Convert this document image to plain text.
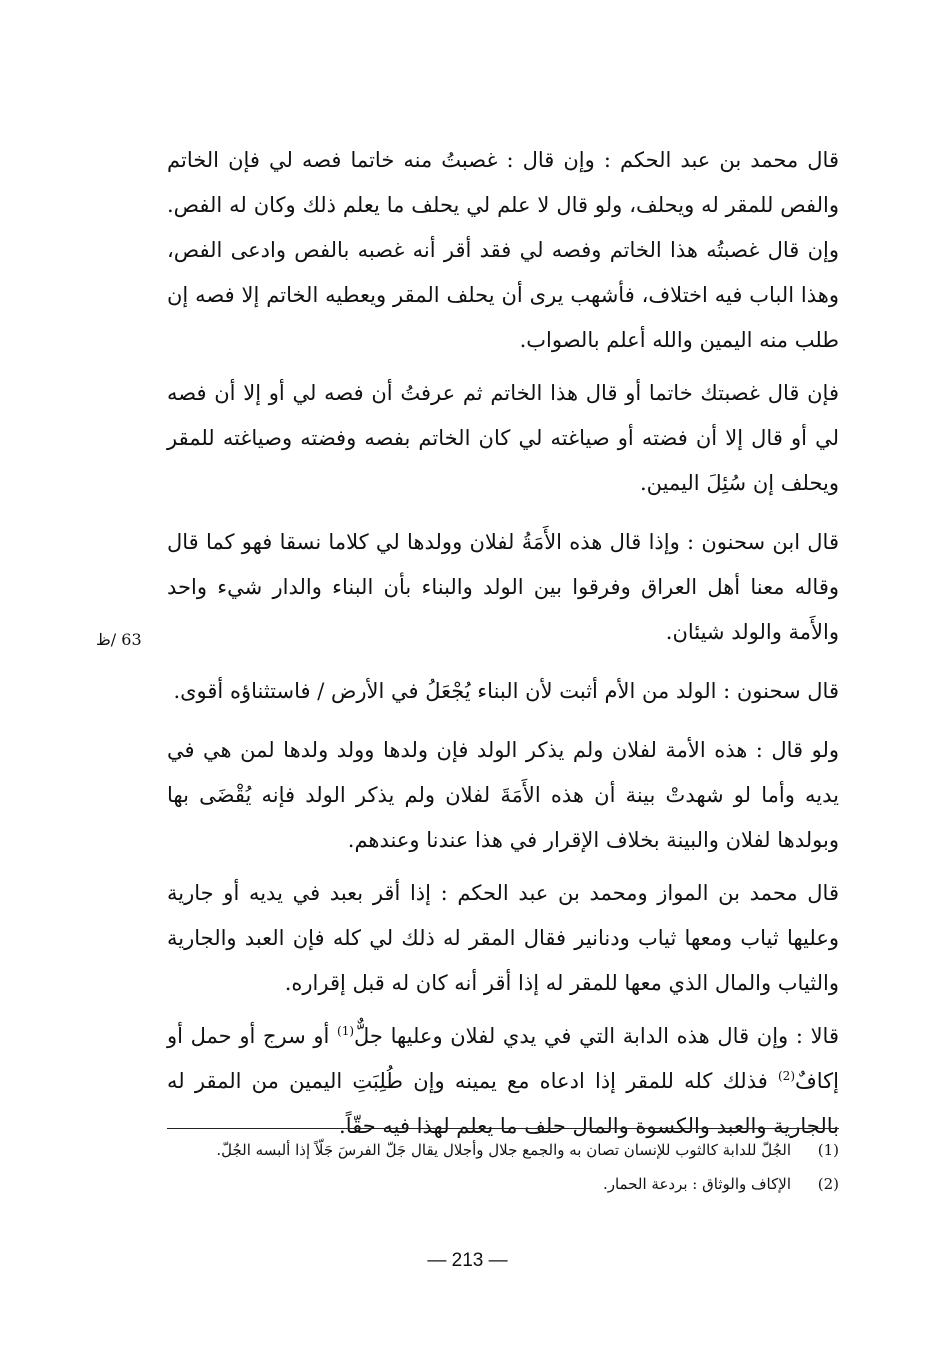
قال محمد بن عبد الحكم : وإن قال : غصبتُ منه خاتما فصه لي فإن الخاتم والفص للمقر له ويحلف، ولو قال لا علم لي يحلف ما يعلم ذلك وكان له الفص. وإن قال غصبتُه هذا الخاتم وفصه لي فقد أقر أنه غصبه بالفص وادعى الفص، وهذا الباب فيه اختلاف، فأشهب يرى أن يحلف المقر ويعطيه الخاتم إلا فصه إن طلب منه اليمين والله أعلم بالصواب.

فإن قال غصبتك خاتما أو قال هذا الخاتم ثم عرفتُ أن فصه لي أو إلا أن فصه لي أو قال إلا أن فضته أو صياغته لي كان الخاتم بفصه وفضته وصياغته للمقر ويحلف إن سُئِلَ اليمين.

قال ابن سحنون : وإذا قال هذه الأَمَةُ لفلان وولدها لي كلاما نسقا فهو كما قال وقاله معنا أهل العراق وفرقوا بين الولد والبناء بأن البناء والدار شيء واحد والأَمة والولد شيئان.

قال سحنون : الولد من الأم أثبت لأن البناء يُجْعَلُ في الأرض / فاستثناؤه أقوى.

ولو قال : هذه الأمة لفلان ولم يذكر الولد فإن ولدها وولد ولدها لمن هي في يديه وأما لو شهدتْ بينة أن هذه الأَمَةَ لفلان ولم يذكر الولد فإنه يُقْضَى بها وبولدها لفلان والبينة بخلاف الإقرار في هذا عندنا وعندهم.

قال محمد بن المواز ومحمد بن عبد الحكم : إذا أقر بعبد في يديه أو جارية وعليها ثياب ومعها ثياب ودنانير فقال المقر له ذلك لي كله فإن العبد والجارية والثياب والمال الذي معها للمقر له إذا أقر أنه كان له قبل إقراره.

قالا : وإن قال هذه الدابة التي في يدي لفلان وعليها جلٌّ$^{(1)}$ أو سرج أو حمل أو إكافٌ$^{(2)}$ فذلك كله للمقر إذا ادعاه مع يمينه وإن طُلِبَتِ اليمين من المقر له بالجارية والعبد والكسوة والمال حلف ما يعلم لهذا فيه حقّاً.

63 /ظ
(1)
الجُلّ للدابة كالثوب للإنسان تصان به والجمع جلال وأجلال يقال جَلّ الفرسَ جَلّاً إذا ألبسه الجُلّ.
(2)
الإكاف والوثاق : بردعة الحمار.
— 213 —
